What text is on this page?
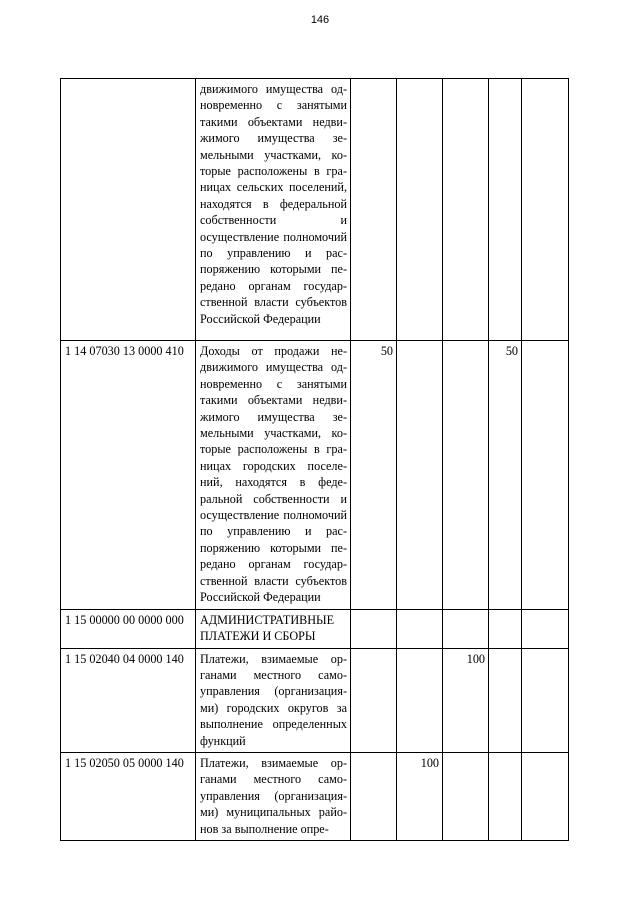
146
	движимого имущества одновременно с занятыми такими объектами недвижимого имущества земельными участками, которые расположены в границах сельских поселений, находятся в федеральной собственности и осуществление полномочий по управлению и распоряжению которыми передано органам государственной власти субъектов Российской Федерации					
1 14 07030 13 0000 410	Доходы от продажи недвижимого имущества одновременно с занятыми такими объектами недвижимого имущества земельными участками, которые расположены в границах городских поселений, находятся в федеральной собственности и осуществление полномочий по управлению и распоряжению которыми передано органам государственной власти субъектов Российской Федерации	50			50	
1 15 00000 00 0000 000	АДМИНИСТРАТИВНЫЕ ПЛАТЕЖИ И СБОРЫ					
1 15 02040 04 0000 140	Платежи, взимаемые органами местного самоуправления (организациями) городских округов за выполнение определенных функций			100		
1 15 02050 05 0000 140	Платежи, взимаемые органами местного самоуправления (организациями) муниципальных районов за выполнение опре-		100			
